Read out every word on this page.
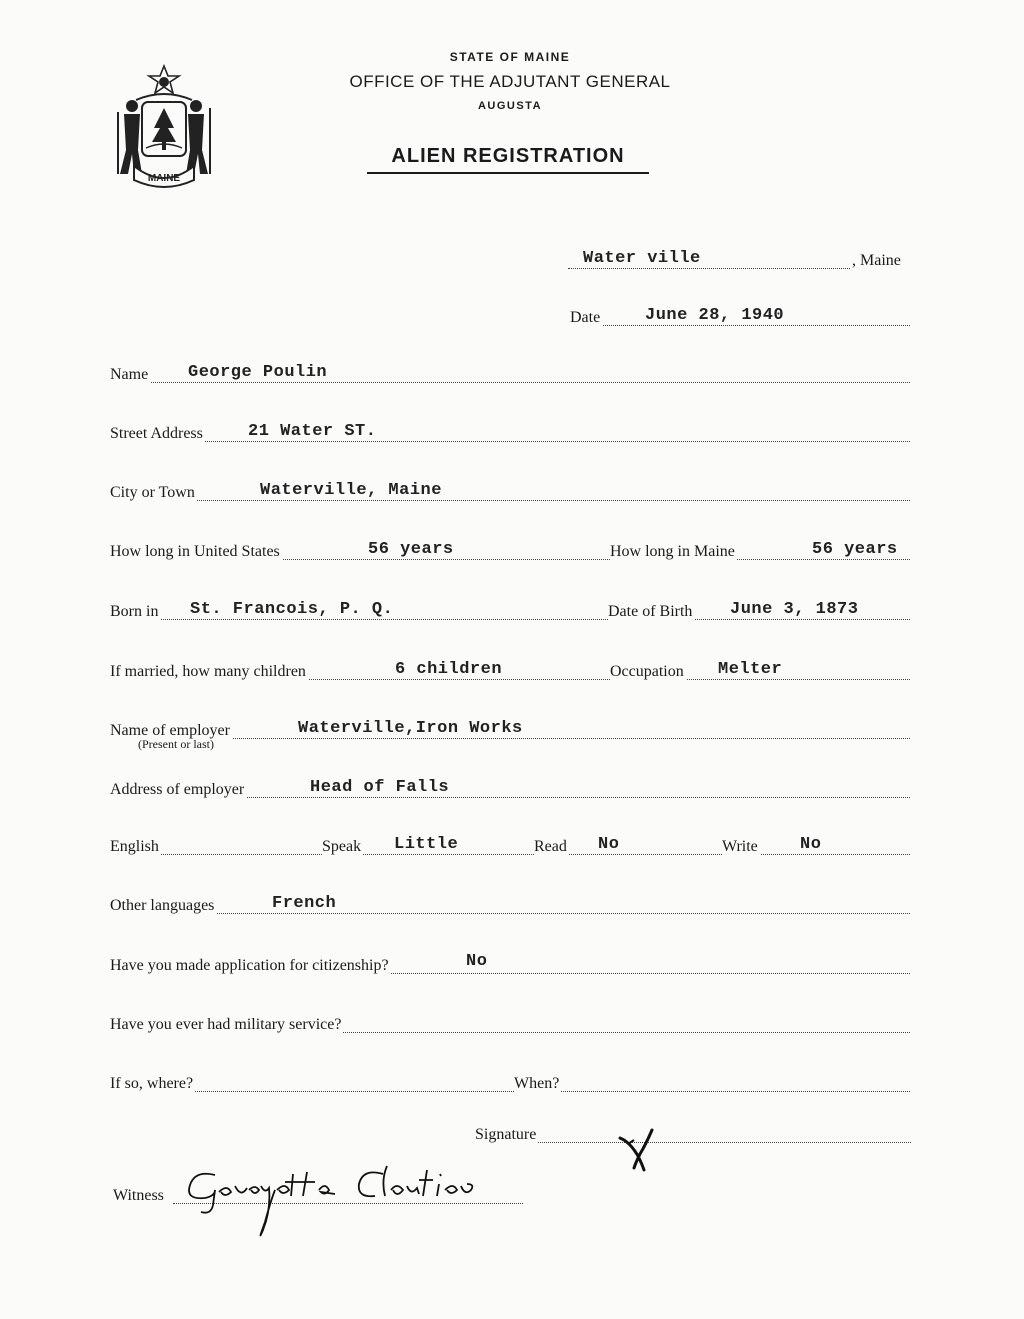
MAINE
STATE OF MAINE
OFFICE OF THE ADJUTANT GENERAL
AUGUSTA
ALIEN REGISTRATION
Water ville	, Maine
Date	June 28, 1940
Name George Poulin
Street Address	21 Water ST.
City or Town	Waterville, Maine
How long in United States	56 years	How long in Maine	56 years
Born in St. Francois, P. Q.	Date of Birth June 3, 1873
If married, how many children	6 children	Occupation Melter
Name of employer	Waterville,Iron Works
(Present or last)
Address of employer	Head of Falls
English	Speak Little	Read No	Write No
Other languages	French
Have you made application for citizenship?	No
Have you ever had military service?
If so, where?	When?
Signature
Witness
